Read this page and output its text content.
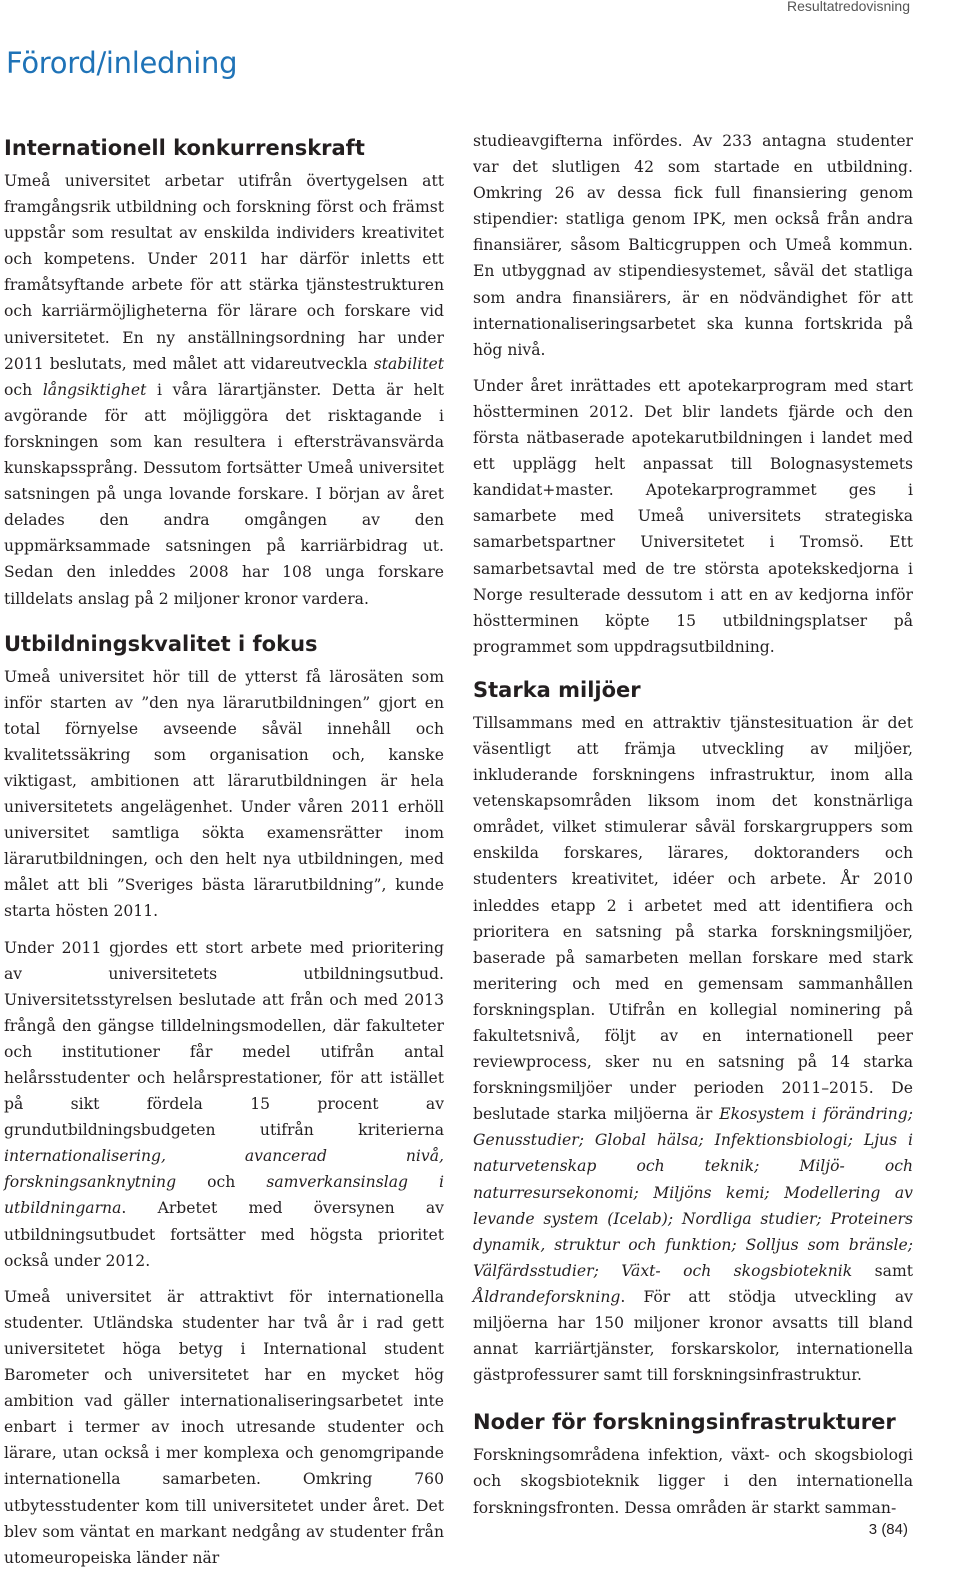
Resultatredovisning
Förord/inledning
Internationell konkurrenskraft

Umeå universitet arbetar utifrån övertygelsen att framgångsrik utbildning och forskning först och främst uppstår som resultat av enskilda individers kreativitet och kompetens. Under 2011 har därför inletts ett framåtsyftande arbete för att stärka tjänstestrukturen och karriärmöjligheterna för lärare och forskare vid universitetet. En ny anställningsordning har under 2011 beslutats, med målet att vidareutveckla stabilitet och långsiktighet i våra lärartjänster. Detta är helt avgörande för att möjliggöra det risktagande i forskningen som kan resultera i eftersträvansvärda kunskapssprång. Dessutom fortsätter Umeå universitet satsningen på unga lovande forskare. I början av året delades den andra omgången av den uppmärksammade satsningen på karriärbidrag ut. Sedan den inleddes 2008 har 108 unga forskare tilldelats anslag på 2 miljoner kronor vardera.

Utbildningskvalitet i fokus

Umeå universitet hör till de ytterst få lärosäten som inför starten av ”den nya lärarutbildningen” gjort en total förnyelse avseende såväl innehåll och kvalitetssäkring som organisation och, kanske viktigast, ambitionen att lärarutbildningen är hela universitetets angelägenhet. Under våren 2011 erhöll universitet samtliga sökta examensrätter inom lärarutbildningen, och den helt nya utbildningen, med målet att bli ”Sveriges bästa lärarutbildning”, kunde starta hösten 2011.

Under 2011 gjordes ett stort arbete med prioritering av universitetets utbildningsutbud. Universitetsstyrelsen beslutade att från och med 2013 frångå den gängse tilldelningsmodellen, där fakulteter och institutioner får medel utifrån antal helårsstudenter och helårsprestationer, för att istället på sikt fördela 15 procent av grundutbildningsbudgeten utifrån kriterierna internationalisering, avancerad nivå, forskningsanknytning och samverkansinslag i utbildningarna. Arbetet med översynen av utbildningsutbudet fortsätter med högsta prioritet också under 2012.

Umeå universitet är attraktivt för internationella studenter. Utländska studenter har två år i rad gett universitetet höga betyg i International student Barometer och universitetet har en mycket hög ambition vad gäller internationaliseringsarbetet inte enbart i termer av inoch utresande studenter och lärare, utan också i mer komplexa och genomgripande internationella samarbeten. Omkring 760 utbytesstudenter kom till universitetet under året. Det blev som väntat en markant nedgång av studenter från utomeuropeiska länder när

studieavgifterna infördes. Av 233 antagna studenter var det slutligen 42 som startade en utbildning. Omkring 26 av dessa fick full finansiering genom stipendier: statliga genom IPK, men också från andra finansiärer, såsom Balticgruppen och Umeå kommun. En utbyggnad av stipendiesystemet, såväl det statliga som andra finansiärers, är en nödvändighet för att internationaliseringsarbetet ska kunna fortskrida på hög nivå.

Under året inrättades ett apotekarprogram med start höstterminen 2012. Det blir landets fjärde och den första nätbaserade apotekarutbildningen i landet med ett upplägg helt anpassat till Bolognasystemets kandidat+master. Apotekarprogrammet ges i samarbete med Umeå universitets strategiska samarbetspartner Universitetet i Tromsö. Ett samarbetsavtal med de tre största apotekskedjorna i Norge resulterade dessutom i att en av kedjorna inför höstterminen köpte 15 utbildningsplatser på programmet som uppdragsutbildning.

Starka miljöer

Tillsammans med en attraktiv tjänstesituation är det väsentligt att främja utveckling av miljöer, inkluderande forskningens infrastruktur, inom alla vetenskapsområden liksom inom det konstnärliga området, vilket stimulerar såväl forskargruppers som enskilda forskares, lärares, doktoranders och studenters kreativitet, idéer och arbete. År 2010 inleddes etapp 2 i arbetet med att identifiera och prioritera en satsning på starka forskningsmiljöer, baserade på samarbeten mellan forskare med stark meritering och med en gemensam sammanhållen forskningsplan. Utifrån en kollegial nominering på fakultetsnivå, följt av en internationell peer reviewprocess, sker nu en satsning på 14 starka forskningsmiljöer under perioden 2011–2015. De beslutade starka miljöerna är Ekosystem i förändring; Genusstudier; Global hälsa; Infektionsbiologi; Ljus i naturvetenskap och teknik; Miljö- och naturresursekonomi; Miljöns kemi; Modellering av levande system (Icelab); Nordliga studier; Proteiners dynamik, struktur och funktion; Solljus som bränsle; Välfärdsstudier; Växt- och skogsbioteknik samt Åldrandeforskning. För att stödja utveckling av miljöerna har 150 miljoner kronor avsatts till bland annat karriärtjänster, forskarskolor, internationella gästprofessurer samt till forskningsinfrastruktur.

Noder för forskningsinfrastrukturer

Forskningsområdena infektion, växt- och skogsbiologi och skogsbioteknik ligger i den internationella forskningsfronten. Dessa områden är starkt samman-

3 (84)
